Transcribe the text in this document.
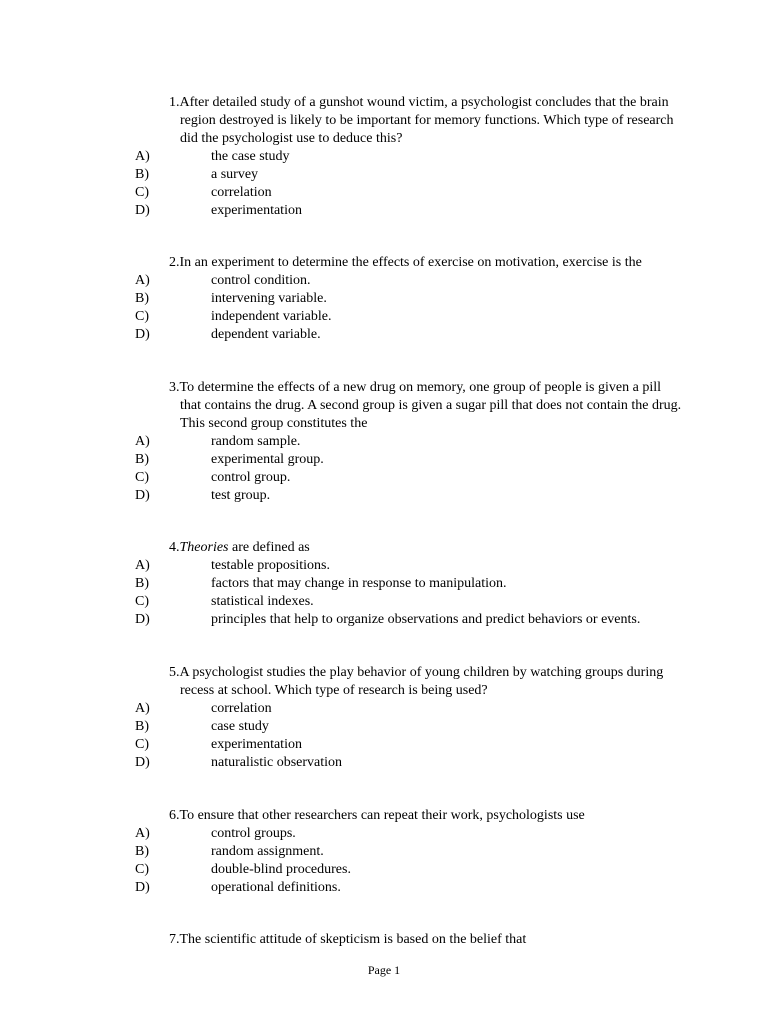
1.After detailed study of a gunshot wound victim, a psychologist concludes that the brain
region destroyed is likely to be important for memory functions. Which type of research
did the psychologist use to deduce this?
A)	the case study
B)	a survey
C)	correlation
D)	experimentation
2.In an experiment to determine the effects of exercise on motivation, exercise is the
A)	control condition.
B)	intervening variable.
C)	independent variable.
D)	dependent variable.
3.To determine the effects of a new drug on memory, one group of people is given a pill
that contains the drug. A second group is given a sugar pill that does not contain the drug.
This second group constitutes the
A)	random sample.
B)	experimental group.
C)	control group.
D)	test group.
4.Theories are defined as
A)	testable propositions.
B)	factors that may change in response to manipulation.
C)	statistical indexes.
D)	principles that help to organize observations and predict behaviors or events.
5.A psychologist studies the play behavior of young children by watching groups during
recess at school. Which type of research is being used?
A)	correlation
B)	case study
C)	experimentation
D)	naturalistic observation
6.To ensure that other researchers can repeat their work, psychologists use
A)	control groups.
B)	random assignment.
C)	double-blind procedures.
D)	operational definitions.
7.The scientific attitude of skepticism is based on the belief that
Page 1
